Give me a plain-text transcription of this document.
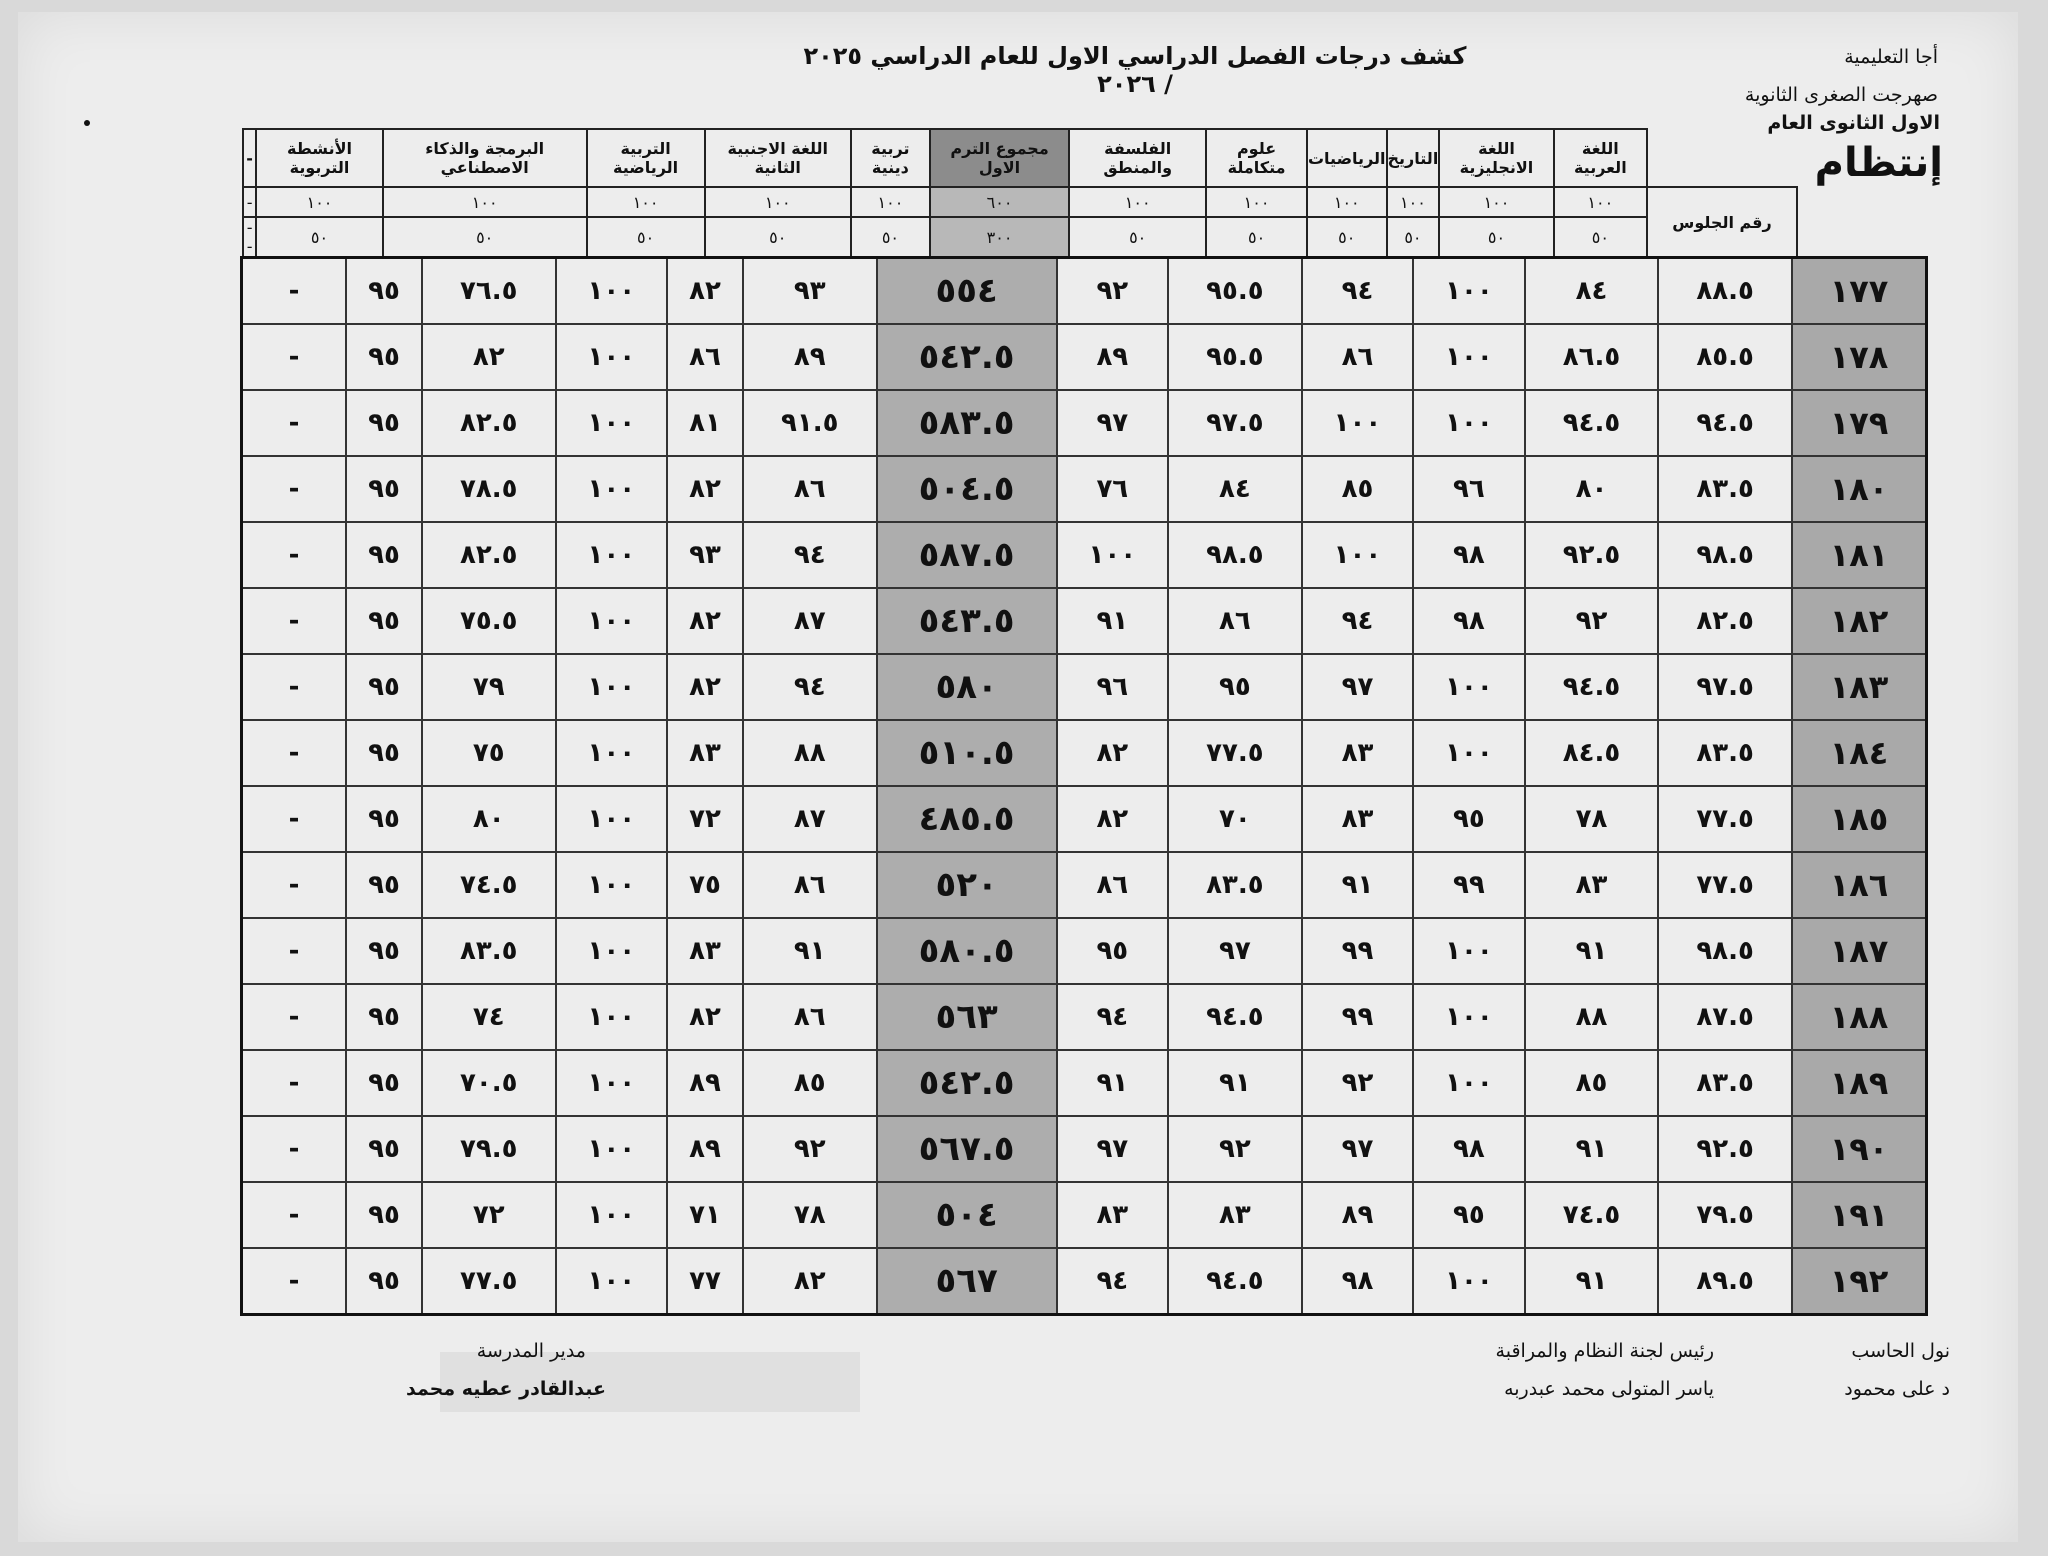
أجا التعليمية
كشف درجات الفصل الدراسي الاول للعام الدراسي ٢٠٢٥ / ٢٠٢٦	صهرجت الصغرى الثانوية
الاول الثانوى العام
إنتظام
	اللغة العربية	اللغة الانجليزية	التاريخ	الرياضيات	علوم متكاملة	الفلسفة والمنطق	مجموع الترم الاول	تربية دينية	اللغة الاجنبية الثانية	التربية الرياضية	البرمجة والذكاء الاصطناعي	الأنشطة التربوية	-
رقم الجلوس	١٠٠	١٠٠	١٠٠	١٠٠	١٠٠	١٠٠	٦٠٠	١٠٠	١٠٠	١٠٠	١٠٠	١٠٠	-
	٥٠	٥٠	٥٠	٥٠	٥٠	٥٠	٣٠٠	٥٠	٥٠	٥٠	٥٠	٥٠	--
١٧٧	٨٨.٥	٨٤	١٠٠	٩٤	٩٥.٥	٩٢	٥٥٤	٩٣	٨٢	١٠٠	٧٦.٥	٩٥	-
١٧٨	٨٥.٥	٨٦.٥	١٠٠	٨٦	٩٥.٥	٨٩	٥٤٢.٥	٨٩	٨٦	١٠٠	٨٢	٩٥	-
١٧٩	٩٤.٥	٩٤.٥	١٠٠	١٠٠	٩٧.٥	٩٧	٥٨٣.٥	٩١.٥	٨١	١٠٠	٨٢.٥	٩٥	-
١٨٠	٨٣.٥	٨٠	٩٦	٨٥	٨٤	٧٦	٥٠٤.٥	٨٦	٨٢	١٠٠	٧٨.٥	٩٥	-
١٨١	٩٨.٥	٩٢.٥	٩٨	١٠٠	٩٨.٥	١٠٠	٥٨٧.٥	٩٤	٩٣	١٠٠	٨٢.٥	٩٥	-
١٨٢	٨٢.٥	٩٢	٩٨	٩٤	٨٦	٩١	٥٤٣.٥	٨٧	٨٢	١٠٠	٧٥.٥	٩٥	-
١٨٣	٩٧.٥	٩٤.٥	١٠٠	٩٧	٩٥	٩٦	٥٨٠	٩٤	٨٢	١٠٠	٧٩	٩٥	-
١٨٤	٨٣.٥	٨٤.٥	١٠٠	٨٣	٧٧.٥	٨٢	٥١٠.٥	٨٨	٨٣	١٠٠	٧٥	٩٥	-
١٨٥	٧٧.٥	٧٨	٩٥	٨٣	٧٠	٨٢	٤٨٥.٥	٨٧	٧٢	١٠٠	٨٠	٩٥	-
١٨٦	٧٧.٥	٨٣	٩٩	٩١	٨٣.٥	٨٦	٥٢٠	٨٦	٧٥	١٠٠	٧٤.٥	٩٥	-
١٨٧	٩٨.٥	٩١	١٠٠	٩٩	٩٧	٩٥	٥٨٠.٥	٩١	٨٣	١٠٠	٨٣.٥	٩٥	-
١٨٨	٨٧.٥	٨٨	١٠٠	٩٩	٩٤.٥	٩٤	٥٦٣	٨٦	٨٢	١٠٠	٧٤	٩٥	-
١٨٩	٨٣.٥	٨٥	١٠٠	٩٢	٩١	٩١	٥٤٢.٥	٨٥	٨٩	١٠٠	٧٠.٥	٩٥	-
١٩٠	٩٢.٥	٩١	٩٨	٩٧	٩٢	٩٧	٥٦٧.٥	٩٢	٨٩	١٠٠	٧٩.٥	٩٥	-
١٩١	٧٩.٥	٧٤.٥	٩٥	٨٩	٨٣	٨٣	٥٠٤	٧٨	٧١	١٠٠	٧٢	٩٥	-
١٩٢	٨٩.٥	٩١	١٠٠	٩٨	٩٤.٥	٩٤	٥٦٧	٨٢	٧٧	١٠٠	٧٧.٥	٩٥	-
نول الحاسب
د على محمود
رئيس لجنة النظام والمراقبة
ياسر المتولى محمد عبدربه
مدير المدرسة
عبدالقادر عطيه محمد
